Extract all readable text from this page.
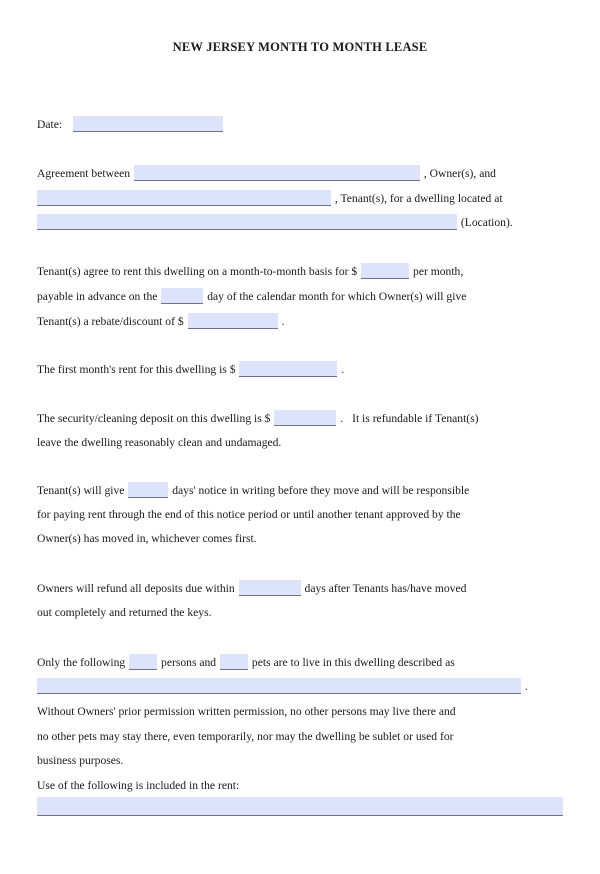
NEW JERSEY MONTH TO MONTH LEASE
Date:
Agreement between	, Owner(s), and
, Tenant(s), for a dwelling located at
(Location).
Tenant(s) agree to rent this dwelling on a month-to-month basis for $	per month,
payable in advance on the	day of the calendar month for which Owner(s) will give
Tenant(s) a rebate/discount of $	.
The first month's rent for this dwelling is $	.
The security/cleaning deposit on this dwelling is $	. It is refundable if Tenant(s)
leave the dwelling reasonably clean and undamaged.
Tenant(s) will give	days' notice in writing before they move and will be responsible
for paying rent through the end of this notice period or until another tenant approved by the
Owner(s) has moved in, whichever comes first.
Owners will refund all deposits due within	days after Tenants has/have moved
out completely and returned the keys.
Only the following	persons and	pets are to live in this dwelling described as
.
Without Owners' prior permission written permission, no other persons may live there and
no other pets may stay there, even temporarily, nor may the dwelling be sublet or used for
business purposes.
Use of the following is included in the rent:
